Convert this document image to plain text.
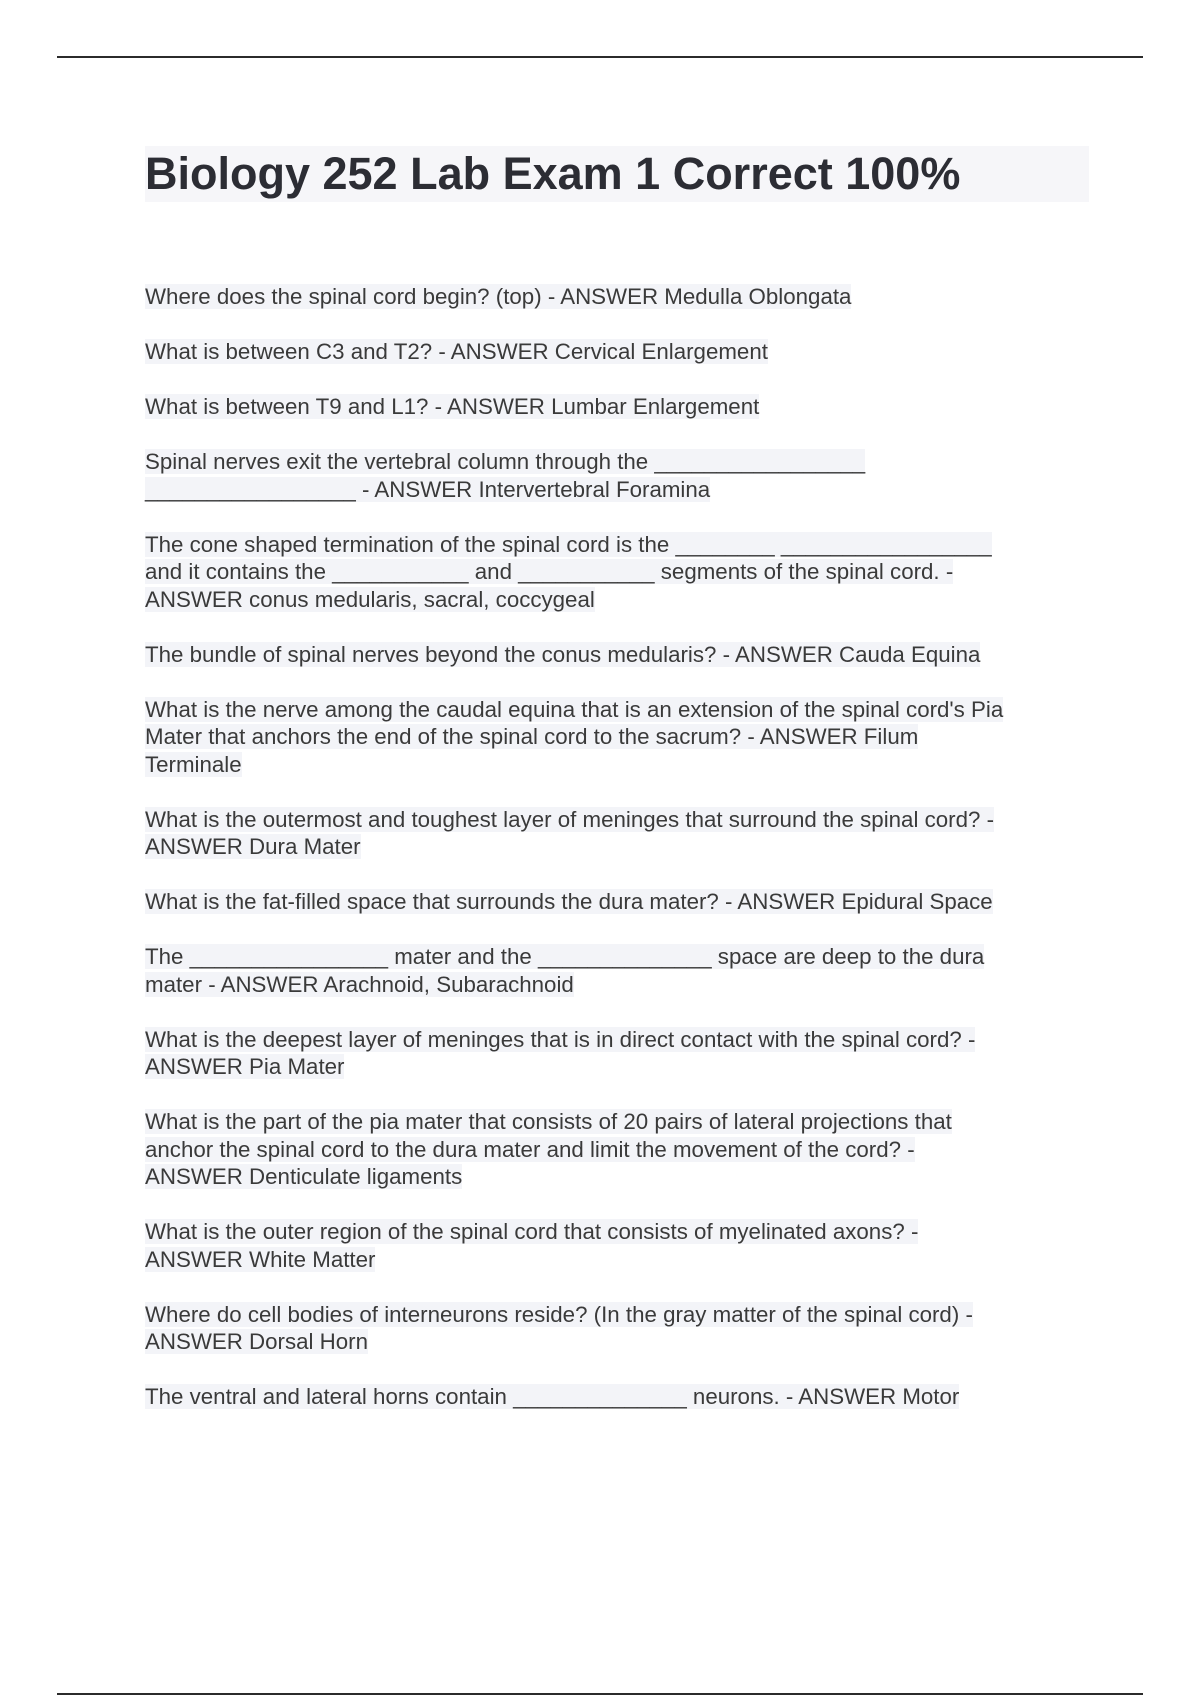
Biology 252 Lab Exam 1 Correct 100%
Where does the spinal cord begin? (top) - ANSWER Medulla Oblongata
What is between C3 and T2? - ANSWER Cervical Enlargement
What is between T9 and L1? - ANSWER Lumbar Enlargement
Spinal nerves exit the vertebral column through the _________________
_________________ - ANSWER Intervertebral Foramina
The cone shaped termination of the spinal cord is the ________ _________________
and it contains the ___________ and ___________ segments of the spinal cord. -
ANSWER conus medularis, sacral, coccygeal
The bundle of spinal nerves beyond the conus medularis? - ANSWER Cauda Equina
What is the nerve among the caudal equina that is an extension of the spinal cord's Pia
Mater that anchors the end of the spinal cord to the sacrum? - ANSWER Filum
Terminale
What is the outermost and toughest layer of meninges that surround the spinal cord? -
ANSWER Dura Mater
What is the fat-filled space that surrounds the dura mater? - ANSWER Epidural Space
The ________________ mater and the ______________ space are deep to the dura
mater - ANSWER Arachnoid, Subarachnoid
What is the deepest layer of meninges that is in direct contact with the spinal cord? -
ANSWER Pia Mater
What is the part of the pia mater that consists of 20 pairs of lateral projections that
anchor the spinal cord to the dura mater and limit the movement of the cord? -
ANSWER Denticulate ligaments
What is the outer region of the spinal cord that consists of myelinated axons? -
ANSWER White Matter
Where do cell bodies of interneurons reside? (In the gray matter of the spinal cord) -
ANSWER Dorsal Horn
The ventral and lateral horns contain ______________ neurons. - ANSWER Motor
